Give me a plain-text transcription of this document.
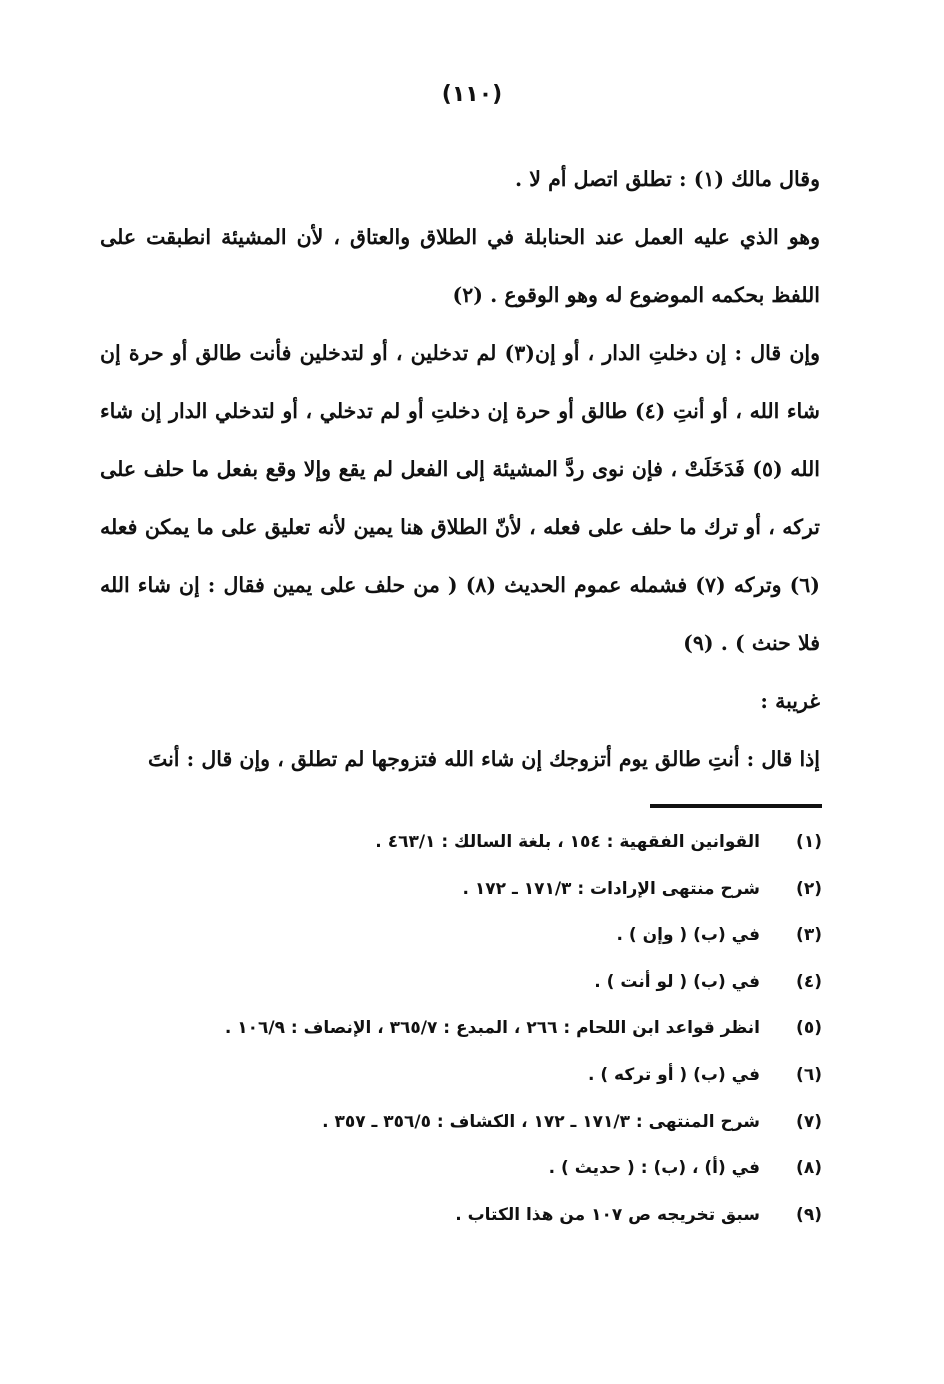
(١١٠)

وقال مالك (١) : تطلق اتصل أم لا .

وهو الذي عليه العمل عند الحنابلة في الطلاق والعتاق ، لأن المشيئة انطبقت على اللفظ بحكمه الموضوع له وهو الوقوع . (٢)

وإن قال : إن دخلتِ الدار ، أو إن(٣) لم تدخلين ، أو لتدخلين فأنت طالق أو حرة إن شاء الله ، أو أنتِ (٤) طالق أو حرة إن دخلتِ أو لم تدخلي ، أو لتدخلي الدار إن شاء الله (٥) فَدَخَلَتْ ، فإن نوى ردَّ المشيئة إلى الفعل لم يقع وإلا وقع بفعل ما حلف على تركه ، أو ترك ما حلف على فعله ، لأنّ الطلاق هنا يمين لأنه تعليق على ما يمكن فعله (٦) وتركه (٧) فشمله عموم الحديث (٨) ( من حلف على يمين فقال : إن شاء الله فلا حنث ) . (٩)

غريبة :

إذا قال : أنتِ طالق يوم أتزوجك إن شاء الله فتزوجها لم تطلق ، وإن قال : أنتَ

(١)
القوانين الفقهية : ١٥٤ ، بلغة السالك : ٤٦٣/١ .
(٢)
شرح منتهى الإرادات : ١٧١/٣ ـ ١٧٢ .
(٣)
في (ب) ( وإن ) .
(٤)
في (ب) ( لو أنت ) .
(٥)
انظر قواعد ابن اللحام : ٢٦٦ ، المبدع : ٣٦٥/٧ ، الإنصاف : ١٠٦/٩ .
(٦)
في (ب) ( أو تركه ) .
(٧)
شرح المنتهى : ١٧١/٣ ـ ١٧٢ ، الكشاف : ٣٥٦/٥ ـ ٣٥٧ .
(٨)
في (أ) ، (ب) : ( حديث ) .
(٩)
سبق تخريجه ص ١٠٧ من هذا الكتاب .
